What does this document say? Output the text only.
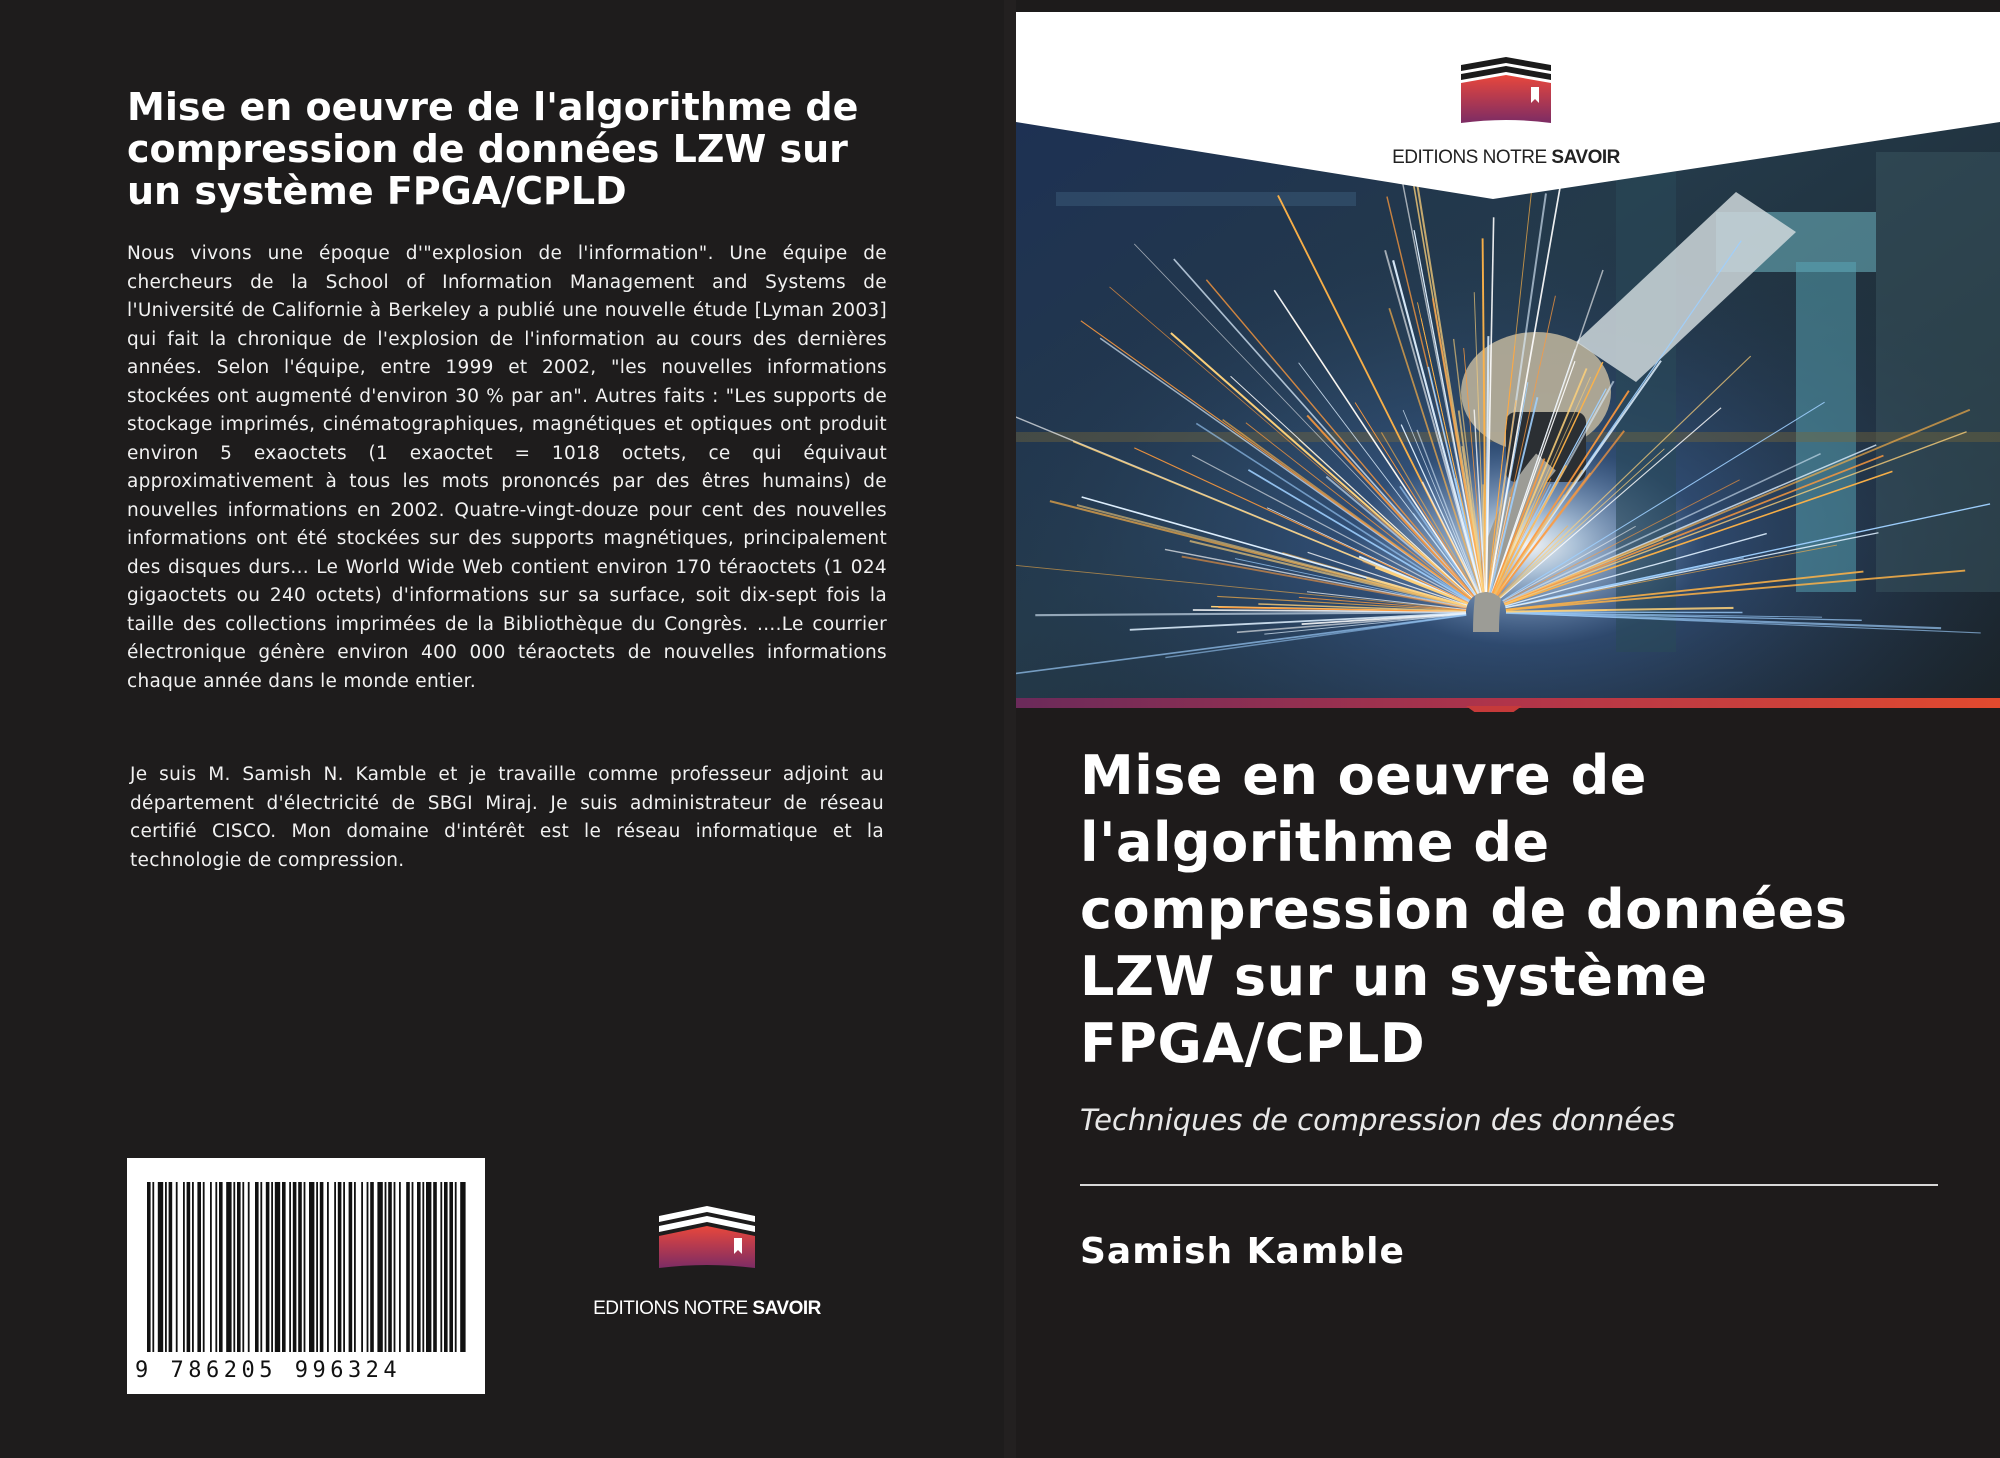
Mise en oeuvre de l'algorithme de compression de données LZW sur un système FPGA/CPLD

Nous vivons une époque d'"explosion de l'information". Une équipe de chercheurs de la School of Information Management and Systems de l'Université de Californie à Berkeley a publié une nouvelle étude [Lyman 2003] qui fait la chronique de l'explosion de l'information au cours des dernières années. Selon l'équipe, entre 1999 et 2002, "les nouvelles informations stockées ont augmenté d'environ 30 % par an". Autres faits : "Les supports de stockage imprimés, cinématographiques, magnétiques et optiques ont produit environ 5 exaoctets (1 exaoctet = 1018 octets, ce qui équivaut approximativement à tous les mots prononcés par des êtres humains) de nouvelles informations en 2002. Quatre-vingt-douze pour cent des nouvelles informations ont été stockées sur des supports magnétiques, principalement des disques durs... Le World Wide Web contient environ 170 téraoctets (1 024 gigaoctets ou 240 octets) d'informations sur sa surface, soit dix-sept fois la taille des collections imprimées de la Bibliothèque du Congrès. ....Le courrier électronique génère environ 400 000 téraoctets de nouvelles informations chaque année dans le monde entier.

Je suis M. Samish N. Kamble et je travaille comme professeur adjoint au département d'électricité de SBGI Miraj. Je suis administrateur de réseau certifié CISCO. Mon domaine d'intérêt est le réseau informatique et la technologie de compression.

9 786205 996324
EDITIONS NOTRE SAVOIR
EDITIONS NOTRE SAVOIR
Mise en oeuvre de l'algorithme de compression de données LZW sur un système FPGA/CPLD

Techniques de compression des données

Samish Kamble
